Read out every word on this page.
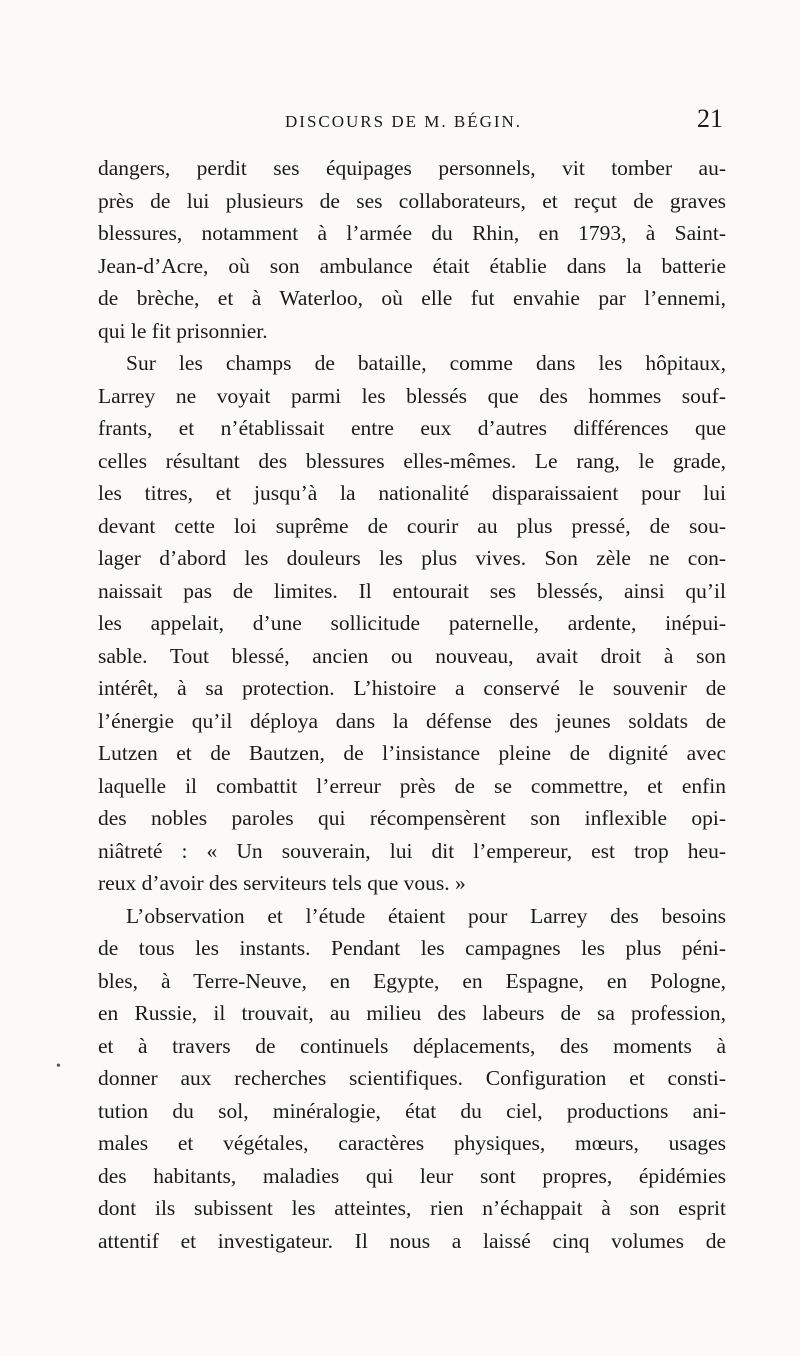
DISCOURS DE M. BÉGIN.	21
•
dangers, perdit ses équipages personnels, vit tomber au-
près de lui plusieurs de ses collaborateurs, et reçut de graves
blessures, notamment à l’armée du Rhin, en 1793, à Saint-
Jean-d’Acre, où son ambulance était établie dans la batterie
de brèche, et à Waterloo, où elle fut envahie par l’ennemi,
qui le fit prisonnier.
Sur les champs de bataille, comme dans les hôpitaux,
Larrey ne voyait parmi les blessés que des hommes souf-
frants, et n’établissait entre eux d’autres différences que
celles résultant des blessures elles-mêmes. Le rang, le grade,
les titres, et jusqu’à la nationalité disparaissaient pour lui
devant cette loi suprême de courir au plus pressé, de sou-
lager d’abord les douleurs les plus vives. Son zèle ne con-
naissait pas de limites. Il entourait ses blessés, ainsi qu’il
les appelait, d’une sollicitude paternelle, ardente, inépui-
sable. Tout blessé, ancien ou nouveau, avait droit à son
intérêt, à sa protection. L’histoire a conservé le souvenir de
l’énergie qu’il déploya dans la défense des jeunes soldats de
Lutzen et de Bautzen, de l’insistance pleine de dignité avec
laquelle il combattit l’erreur près de se commettre, et enfin
des nobles paroles qui récompensèrent son inflexible opi-
niâtreté : « Un souverain, lui dit l’empereur, est trop heu-
reux d’avoir des serviteurs tels que vous. »
L’observation et l’étude étaient pour Larrey des besoins
de tous les instants. Pendant les campagnes les plus péni-
bles, à Terre-Neuve, en Egypte, en Espagne, en Pologne,
en Russie, il trouvait, au milieu des labeurs de sa profession,
et à travers de continuels déplacements, des moments à
donner aux recherches scientifiques. Configuration et consti-
tution du sol, minéralogie, état du ciel, productions ani-
males et végétales, caractères physiques, mœurs, usages
des habitants, maladies qui leur sont propres, épidémies
dont ils subissent les atteintes, rien n’échappait à son esprit
attentif et investigateur. Il nous a laissé cinq volumes de
